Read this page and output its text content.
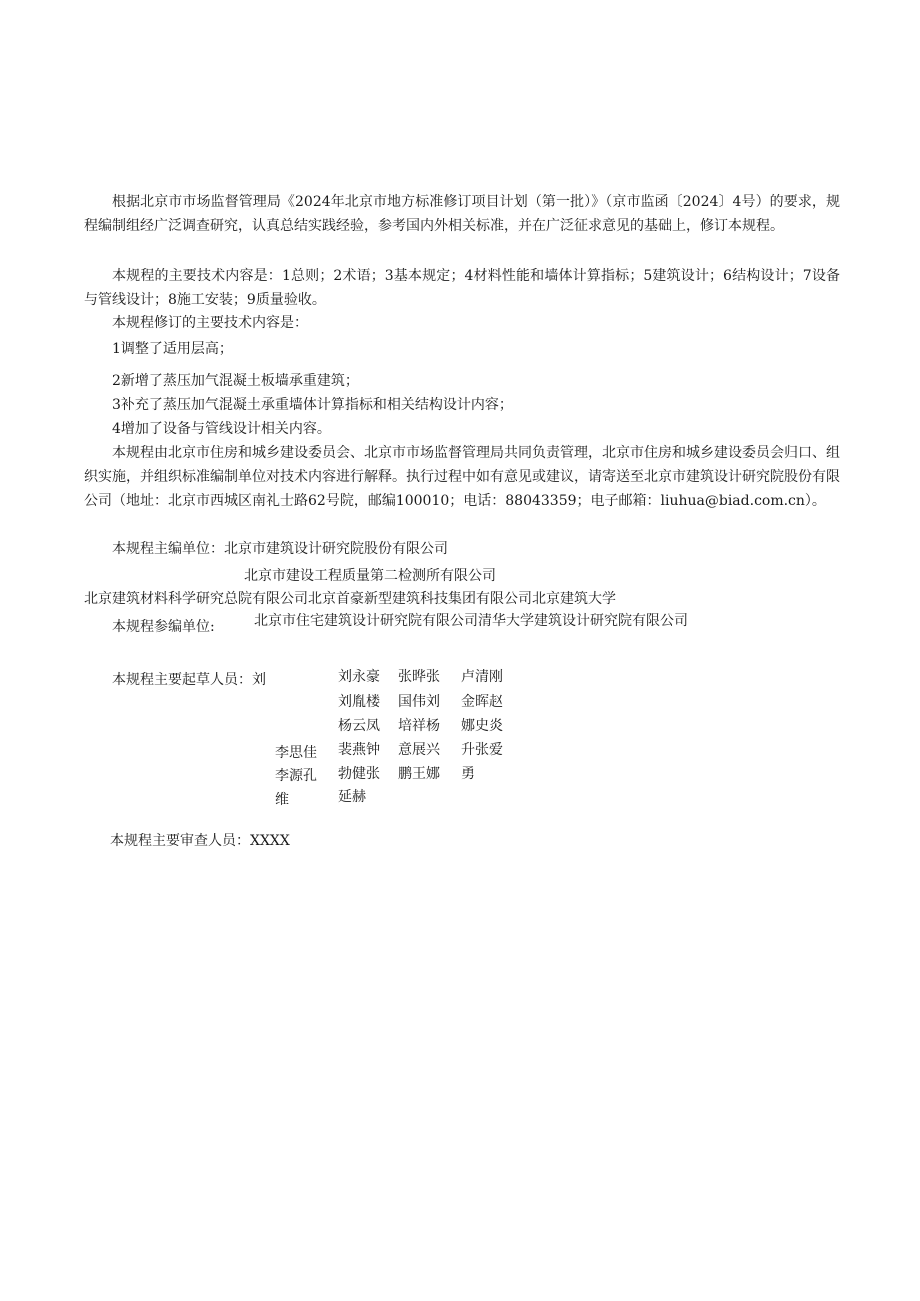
根据北京市市场监督管理局《2024年北京市地方标准修订项目计划（第一批）》（京市监函〔2024〕4号）的要求，规程编制组经广泛调查研究，认真总结实践经验，参考国内外相关标准，并在广泛征求意见的基础上，修订本规程。
本规程的主要技术内容是：1总则；2术语；3基本规定；4材料性能和墙体计算指标；5建筑设计；6结构设计；7设备与管线设计；8施工安装；9质量验收。
本规程修订的主要技术内容是：
1调整了适用层高；
2新增了蒸压加气混凝土板墙承重建筑；
3补充了蒸压加气混凝土承重墙体计算指标和相关结构设计内容；
4增加了设备与管线设计相关内容。
本规程由北京市住房和城乡建设委员会、北京市市场监督管理局共同负责管理，北京市住房和城乡建设委员会归口、组织实施，并组织标准编制单位对技术内容进行解释。执行过程中如有意见或建议，请寄送至北京市建筑设计研究院股份有限公司（地址：北京市西城区南礼士路62号院，邮编100010；电话：88043359；电子邮箱：liuhua@biad.com.cn）。
本规程主编单位：北京市建筑设计研究院股份有限公司
北京市建设工程质量第二检测所有限公司
北京建筑材料科学研究总院有限公司北京首豪新型建筑科技集团有限公司北京建筑大学
本规程参编单位:	北京市住宅建筑设计研究院有限公司清华大学建筑设计研究院有限公司
本规程主要起草人员：刘
李思佳
李源孔
维
刘永豪
刘胤楼
杨云凤
裴燕钟
勃健张
延赫
张晔张
国伟刘
培祥杨
意展兴
鹏王娜
卢清刚
金晖赵
娜史炎
升张爱
勇
本规程主要审查人员：XXXX
